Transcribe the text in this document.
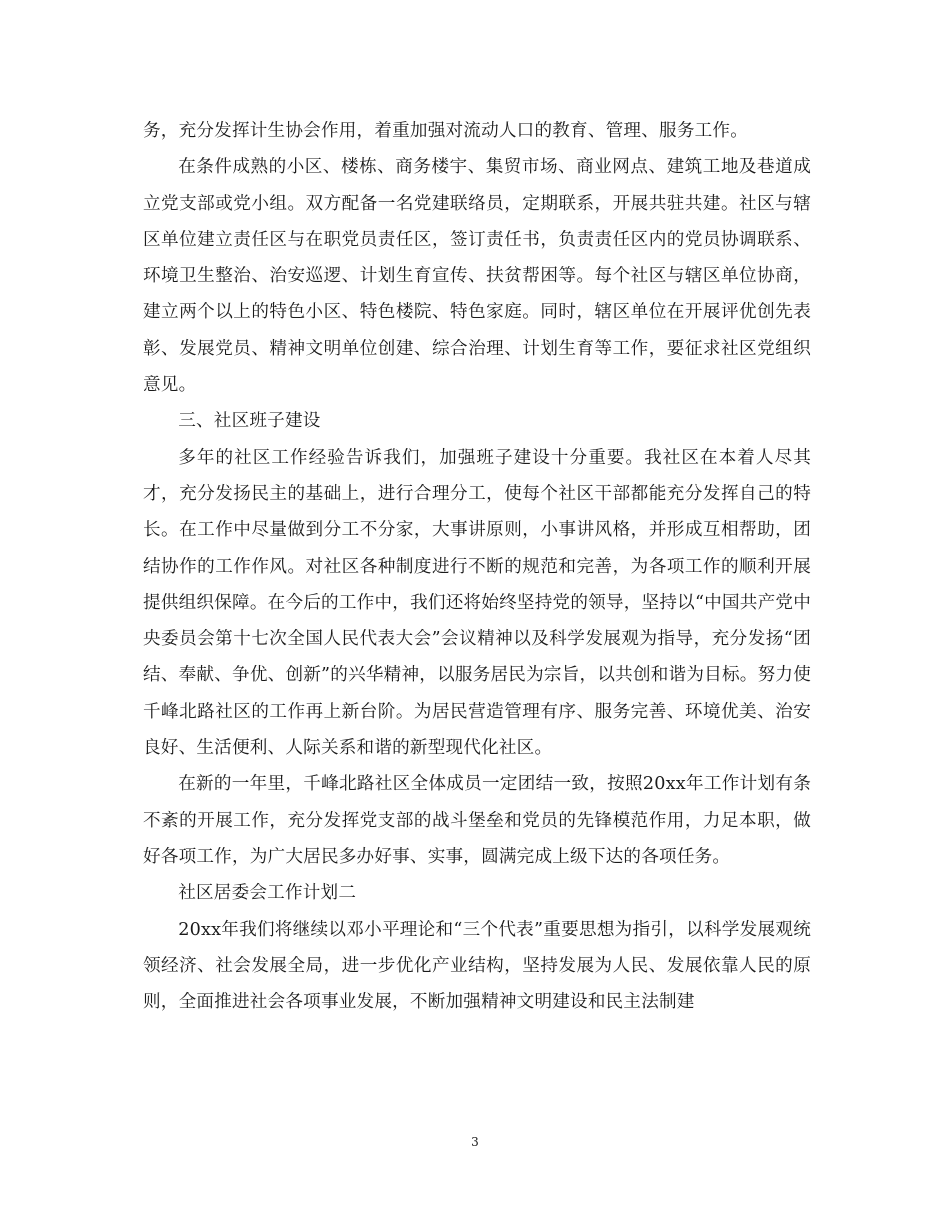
务，充分发挥计生协会作用，着重加强对流动人口的教育、管理、服务工作。

在条件成熟的小区、楼栋、商务楼宇、集贸市场、商业网点、建筑工地及巷道成立党支部或党小组。双方配备一名党建联络员，定期联系，开展共驻共建。社区与辖区单位建立责任区与在职党员责任区，签订责任书，负责责任区内的党员协调联系、环境卫生整治、治安巡逻、计划生育宣传、扶贫帮困等。每个社区与辖区单位协商，建立两个以上的特色小区、特色楼院、特色家庭。同时，辖区单位在开展评优创先表彰、发展党员、精神文明单位创建、综合治理、计划生育等工作，要征求社区党组织意见。

三、社区班子建设

多年的社区工作经验告诉我们，加强班子建设十分重要。我社区在本着人尽其才，充分发扬民主的基础上，进行合理分工，使每个社区干部都能充分发挥自己的特长。在工作中尽量做到分工不分家，大事讲原则，小事讲风格，并形成互相帮助，团结协作的工作作风。对社区各种制度进行不断的规范和完善，为各项工作的顺利开展提供组织保障。在今后的工作中，我们还将始终坚持党的领导，坚持以“中国共产党中央委员会第十七次全国人民代表大会”会议精神以及科学发展观为指导，充分发扬“团结、奉献、争优、创新”的兴华精神，以服务居民为宗旨，以共创和谐为目标。努力使千峰北路社区的工作再上新台阶。为居民营造管理有序、服务完善、环境优美、治安良好、生活便利、人际关系和谐的新型现代化社区。

在新的一年里，千峰北路社区全体成员一定团结一致，按照20xx年工作计划有条不紊的开展工作，充分发挥党支部的战斗堡垒和党员的先锋模范作用，力足本职，做好各项工作，为广大居民多办好事、实事，圆满完成上级下达的各项任务。

社区居委会工作计划二

20xx年我们将继续以邓小平理论和“三个代表”重要思想为指引，以科学发展观统领经济、社会发展全局，进一步优化产业结构，坚持发展为人民、发展依靠人民的原则，全面推进社会各项事业发展，不断加强精神文明建设和民主法制建

3
